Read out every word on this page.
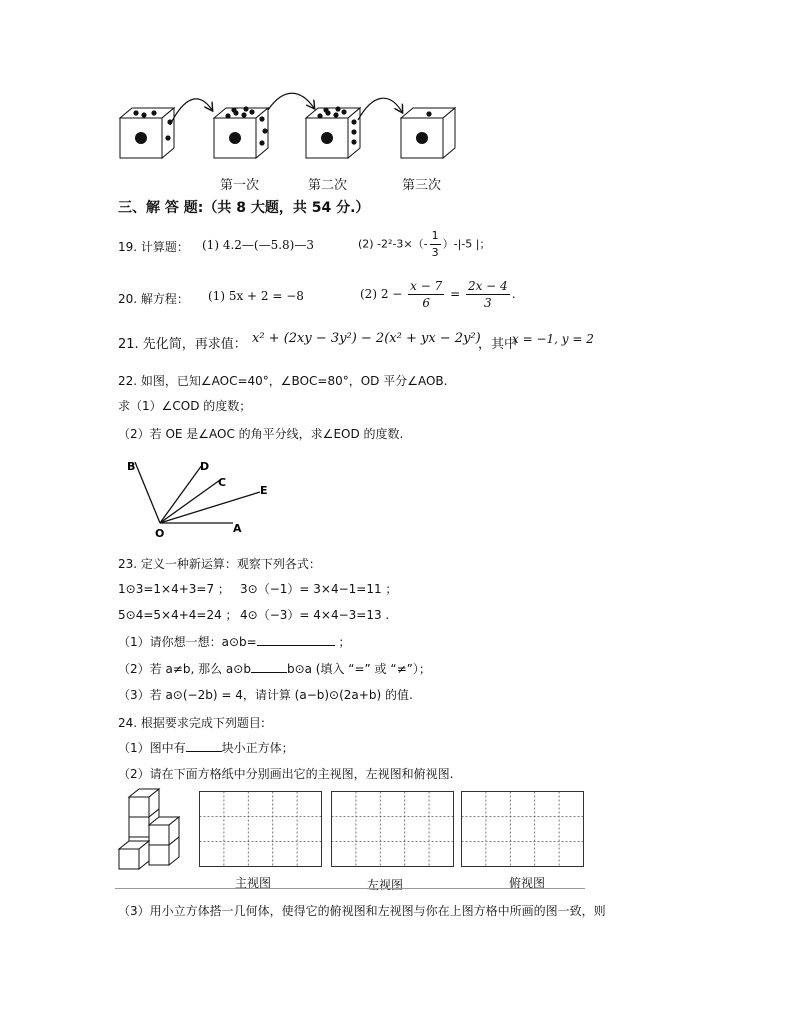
第一次	第二次	第三次
三、解 答 题:（共 8 大题，共 54 分.）
19. 计算题： (1) 4.2—(—5.8)—3	(2) $-2^2-3\times(- \frac{1}{3} )-|-5$ |；
20. 解方程： (1) 5x + 2 = −8	(2) $2 - \frac{x - 7}{6} = \frac{2x - 4}{3}$ .
21. 先化简，再求值： x² + (2xy − 3y²) − 2(x² + yx − 2y²)
，其中
x = −1, y = 2
22. 如图，已知∠AOC=40°，∠BOC=80°，OD 平分∠AOB.
求（1）∠COD 的度数；
（2）若 OE 是∠AOC 的角平分线，求∠EOD 的度数.
B	D
C
E
O	A
23. 定义一种新运算：观察下列各式：
1⊙3=1×4+3=7 ； 3⊙（−1）= 3×4−1=11 ；
5⊙4=5×4+4=24 ； 4⊙（−3）= 4×4−3=13 .
（1）请你想一想：a⊙b=	；
（2）若 a≠b, 那么 a⊙b	b⊙a (填入 “=” 或 “≠”）；
（3）若 a⊙(−2b) = 4，请计算 (a−b)⊙(2a+b) 的值.
24. 根据要求完成下列题目:
（1）图中有	块小正方体；
（2）请在下面方格纸中分别画出它的主视图，左视图和俯视图.
主视图	左视图	俯视图
（3）用小立方体搭一几何体，使得它的俯视图和左视图与你在上图方格中所画的图一致，则
